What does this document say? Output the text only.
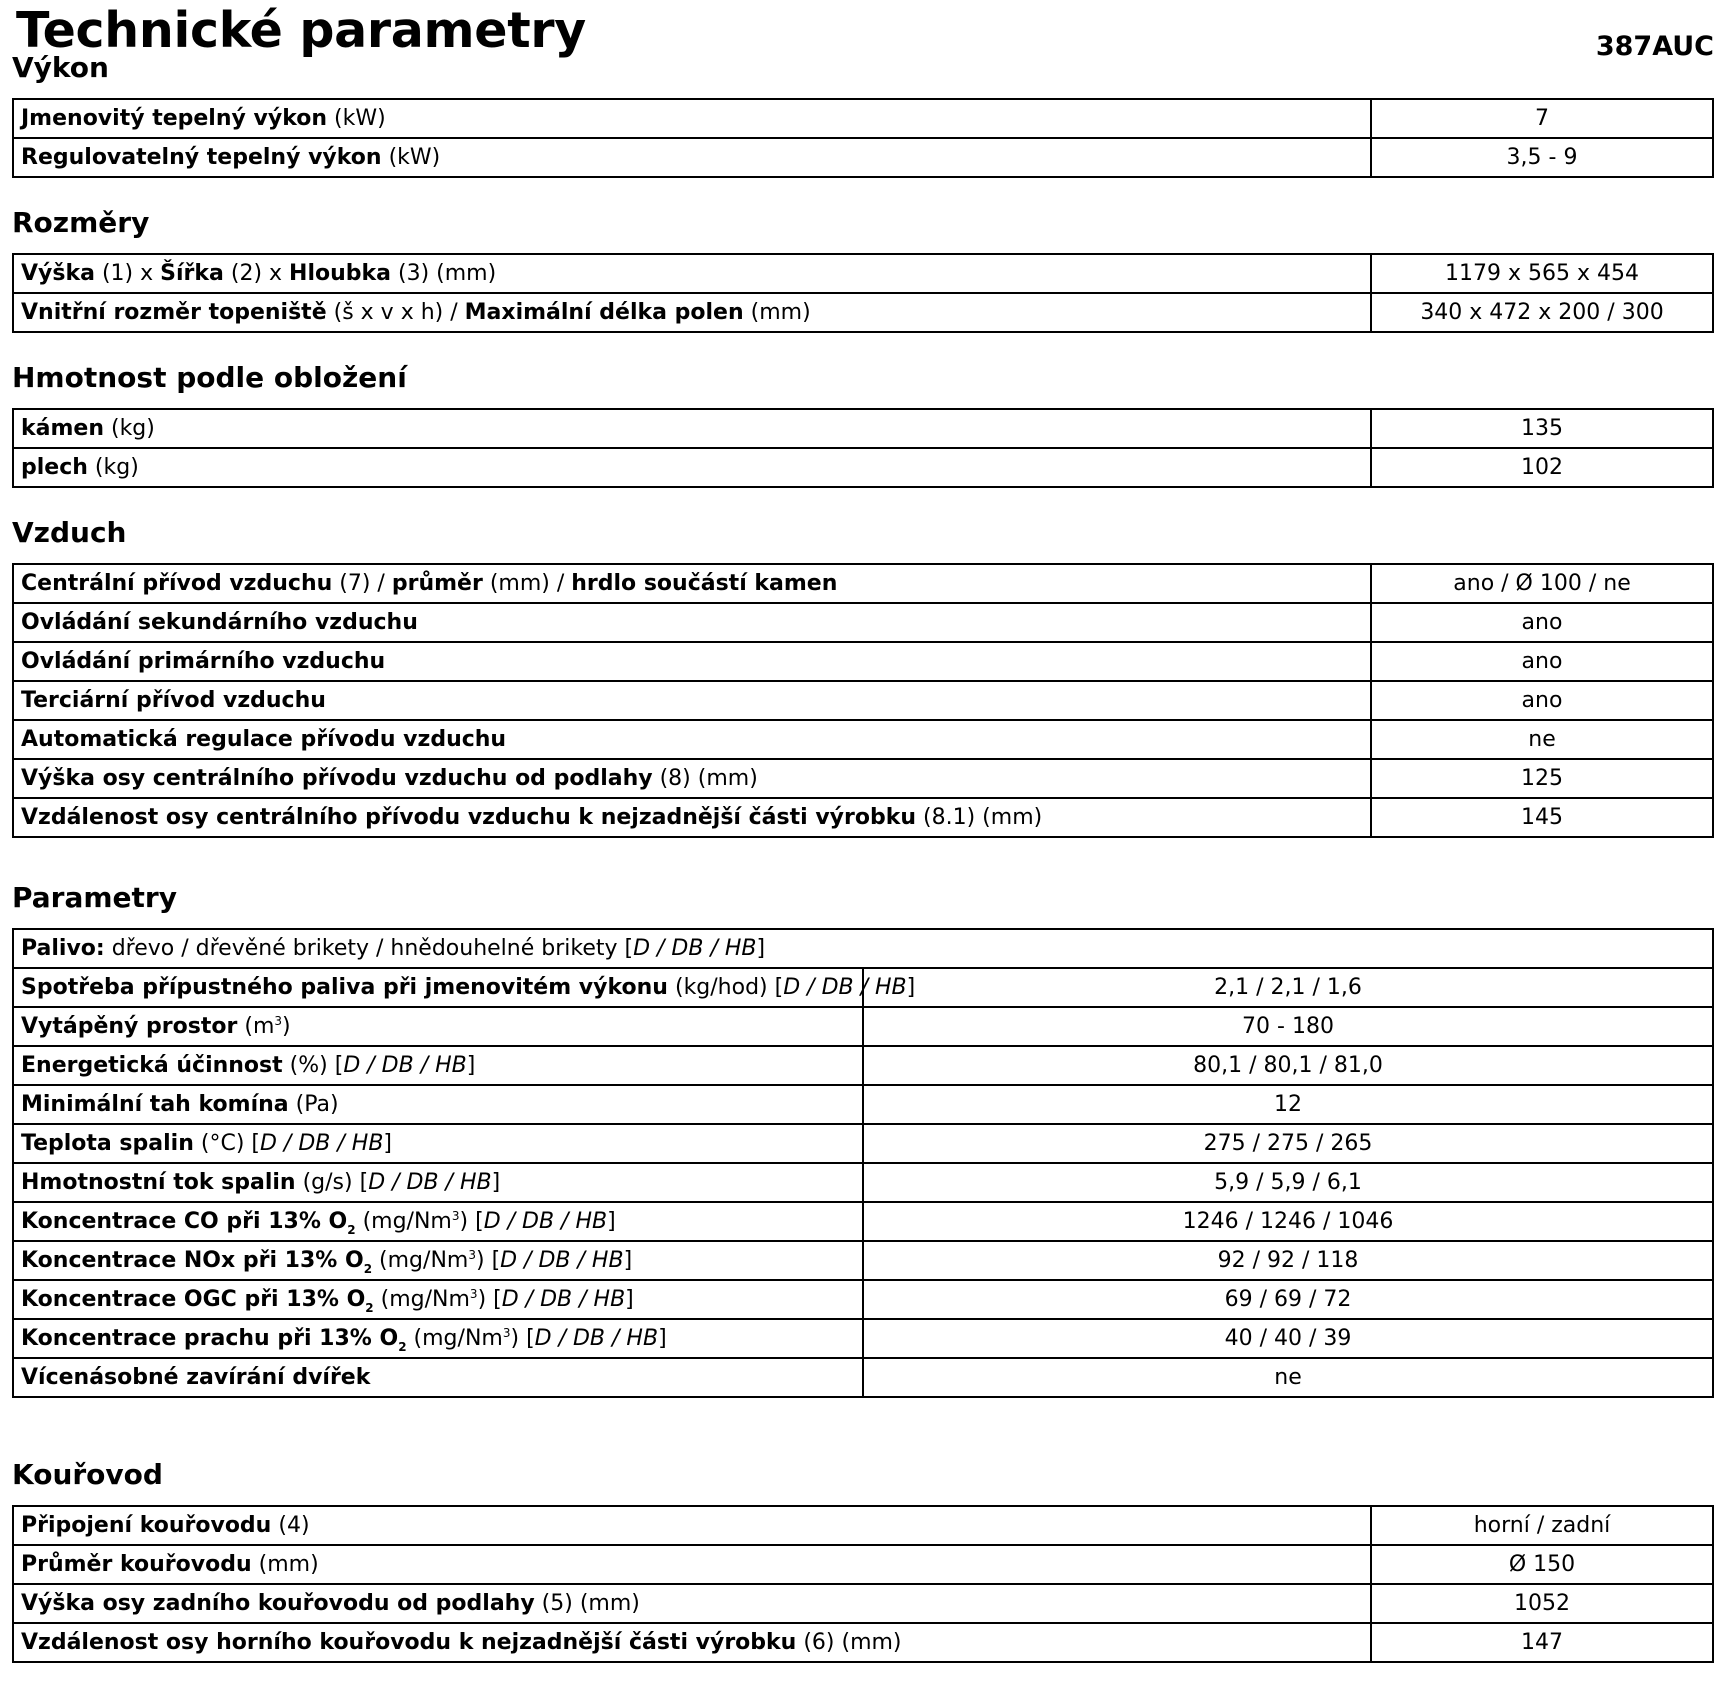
Technické parametry	387AUC
Výkon
Jmenovitý tepelný výkon (kW)	7
Regulovatelný tepelný výkon (kW)	3,5 - 9
Rozměry
Výška (1) x Šířka (2) x Hloubka (3) (mm)	1179 x 565 x 454
Vnitřní rozměr topeniště (š x v x h) / Maximální délka polen (mm)	340 x 472 x 200 / 300
Hmotnost podle obložení
kámen (kg)	135
plech (kg)	102
Vzduch
Centrální přívod vzduchu (7) / průměr (mm) / hrdlo součástí kamen	ano / Ø 100 / ne
Ovládání sekundárního vzduchu	ano
Ovládání primárního vzduchu	ano
Terciární přívod vzduchu	ano
Automatická regulace přívodu vzduchu	ne
Výška osy centrálního přívodu vzduchu od podlahy (8) (mm)	125
Vzdálenost osy centrálního přívodu vzduchu k nejzadnější části výrobku (8.1) (mm)	145
Parametry
Palivo: dřevo / dřevěné brikety / hnědouhelné brikety [D / DB / HB]	
Spotřeba přípustného paliva při jmenovitém výkonu (kg/hod) [D / DB / HB]	2,1 / 2,1 / 1,6
Vytápěný prostor $(m^3)$	70 - 180
Energetická účinnost (%) [D / DB / HB]	80,1 / 80,1 / 81,0
Minimální tah komína (Pa)	12
Teplota spalin (°C) [D / DB / HB]	275 / 275 / 265
Hmotnostní tok spalin (g/s) [D / DB / HB]	5,9 / 5,9 / 6,1
Koncentrace CO při 13% $O_2$ (mg/Nm$^3$) [D / DB / HB]	1246 / 1246 / 1046
Koncentrace NOx při 13% $O_2$ (mg/Nm$^3$) [D / DB / HB]	92 / 92 / 118
Koncentrace OGC při 13% $O_2$ (mg/Nm$^3$) [D / DB / HB]	69 / 69 / 72
Koncentrace prachu při 13% $O_2$ (mg/Nm$^3$) [D / DB / HB]	40 / 40 / 39
Vícenásobné zavírání dvířek	ne
Kouřovod
Připojení kouřovodu (4)	horní / zadní
Průměr kouřovodu (mm)	Ø 150
Výška osy zadního kouřovodu od podlahy (5) (mm)	1052
Vzdálenost osy horního kouřovodu k nejzadnější části výrobku (6) (mm)	147
